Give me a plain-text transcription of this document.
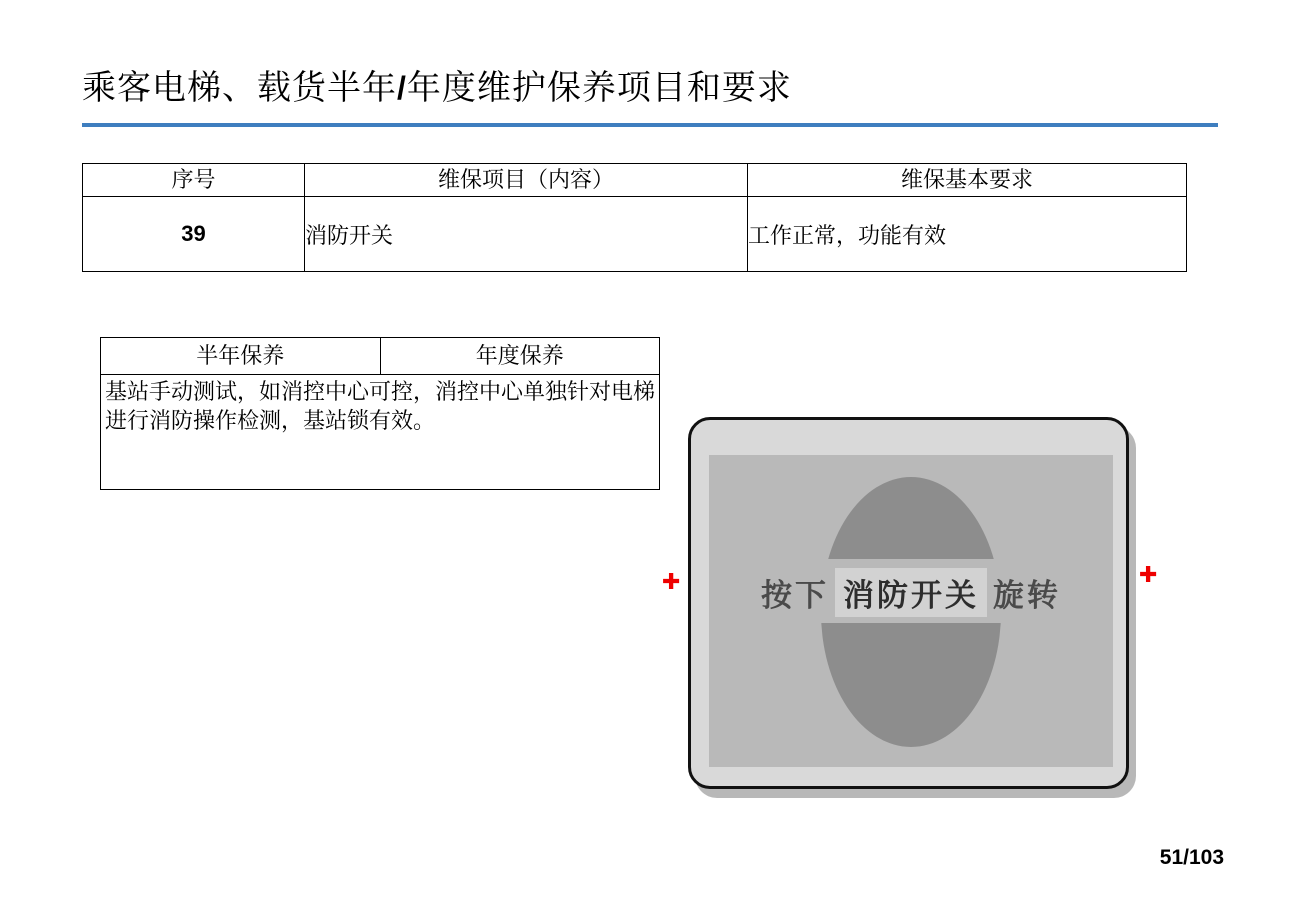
乘客电梯、载货半年/年度维护保养项目和要求
序号	维保项目（内容）	维保基本要求
39	消防开关	工作正常，功能有效
半年保养	年度保养
基站手动测试，如消控中心可控，消控中心单独针对电梯进行消防操作检测，基站锁有效。
按下 消防开关 旋转
✚	✚
51/103
